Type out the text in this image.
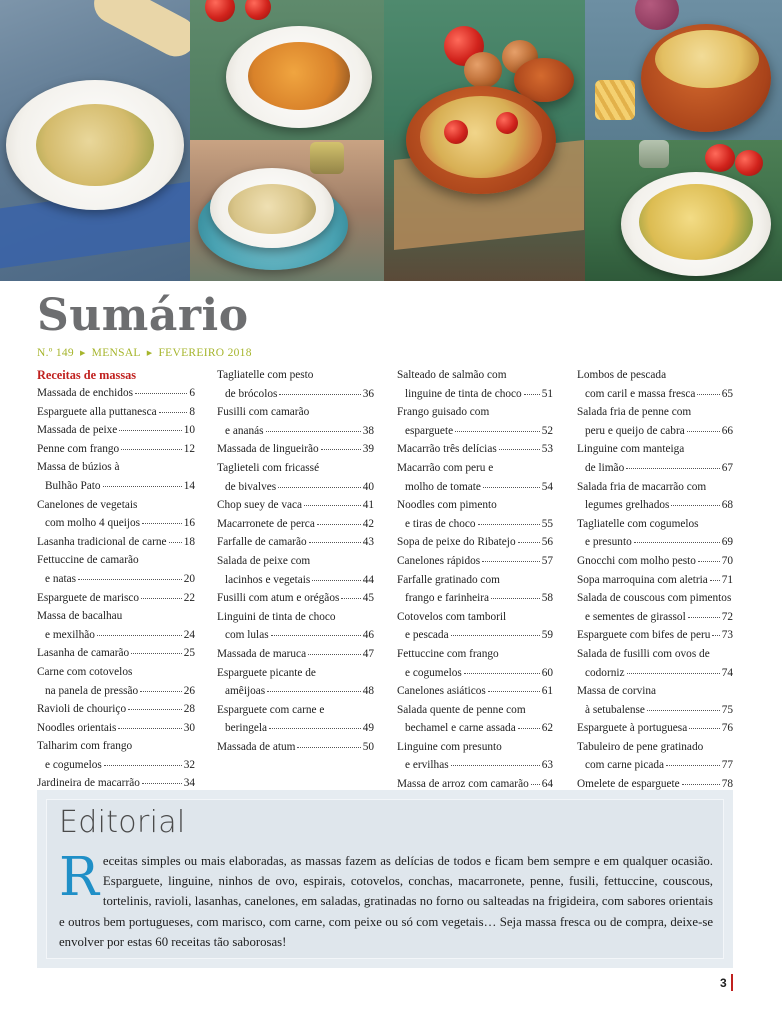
Sumário
N.º 149 ▶ MENSAL ▶ FEVEREIRO 2018
Receitas de massas
Massada de enchidos	6
Esparguete alla puttanesca	8
Massada de peixe	10
Penne com frango	12
Massa de búzios à
Bulhão Pato	14
Canelones de vegetais
com molho 4 queijos	16
Lasanha tradicional de carne 18
Fettuccine de camarão
e natas	20
Esparguete de marisco	22
Massa de bacalhau
e mexilhão	24
Lasanha de camarão	25
Carne com cotovelos
na panela de pressão	26
Ravioli de chouriço	28
Noodles orientais	30
Talharim com frango
e cogumelos	32
Jardineira de macarrão	34
Tagliatelle com pesto
de brócolos	36
Fusilli com camarão
e ananás	38
Massada de lingueirão	39
Taglieteli com fricassé
de bivalves	40
Chop suey de vaca	41
Macarronete de perca	42
Farfalle de camarão	43
Salada de peixe com
lacinhos e vegetais	44
Fusilli com atum e orégãos 45
Linguini de tinta de choco
com lulas	46
Massada de maruca	47
Esparguete picante de
amêijoas	48
Esparguete com carne e
beringela	49
Massada de atum	50
Salteado de salmão com
linguine de tinta de choco 51
Frango guisado com
esparguete	52
Macarrão três delícias	53
Macarrão com peru e
molho de tomate	54
Noodles com pimento
e tiras de choco	55
Sopa de peixe do Ribatejo 56
Canelones rápidos	57
Farfalle gratinado com
frango e farinheira	58
Cotovelos com tamboril
e pescada	59
Fettuccine com frango
e cogumelos	60
Canelones asiáticos	61
Salada quente de penne com
bechamel e carne assada 62
Linguine com presunto
e ervilhas	63
Massa de arroz com camarão 64
Lombos de pescada
com caril e massa fresca 65
Salada fria de penne com
peru e queijo de cabra	66
Linguine com manteiga
de limão	67
Salada fria de macarrão com
legumes grelhados	68
Tagliatelle com cogumelos
e presunto	69
Gnocchi com molho pesto 70
Sopa marroquina com aletria 71
Salada de couscous com pimentos
e sementes de girassol	72
Esparguete com bifes de peru 73
Salada de fusilli com ovos de
codorniz	74
Massa de corvina
à setubalense	75
Esparguete à portuguesa	76
Tabuleiro de pene gratinado
com carne picada	77
Omelete de esparguete	78
Editorial
Receitas simples ou mais elaboradas, as massas fazem as delícias de todos e ficam bem sempre e em qualquer ocasião. Esparguete, linguine, ninhos de ovo, espirais, cotovelos, conchas, macarronete, penne, fusili, fettuccine, couscous, tortelinis, ravioli, lasanhas, canelones, em saladas, gratinadas no forno ou salteadas na frigideira, com sabores orientais e outros bem portugueses, com marisco, com carne, com peixe ou só com vegetais… Seja massa fresca ou de compra, deixe-se envolver por estas 60 receitas tão saborosas!
3
